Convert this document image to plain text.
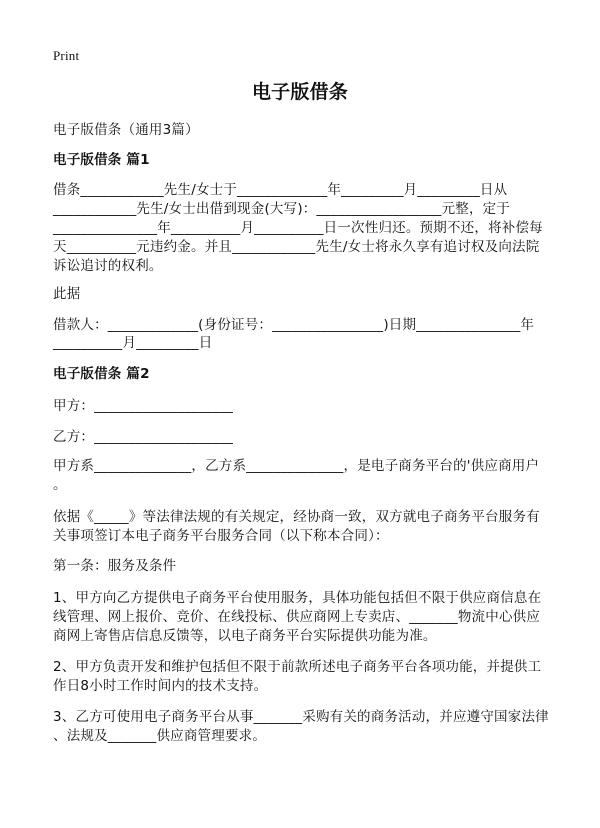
Print
电子版借条
电子版借条（通用3篇）
电子版借条 篇1
借条____________先生/女士于_____________年_________月_________日从
____________先生/女士出借到现金(大写)：__________________元整，定于
_______________年__________月__________日一次性归还。预期不还，将补偿每
天__________元违约金。并且____________先生/女士将永久享有追讨权及向法院
诉讼追讨的权利。
此据
借款人：_____________(身份证号：________________)日期_______________年
__________月_________日
电子版借条 篇2
甲方：____________________
乙方：____________________
甲方系______________，乙方系______________，是电子商务平台的'供应商用户
。
依据《_____》等法律法规的有关规定，经协商一致，双方就电子商务平台服务有
关事项签订本电子商务平台服务合同（以下称本合同）：
第一条：服务及条件
1、甲方向乙方提供电子商务平台使用服务，具体功能包括但不限于供应商信息在
线管理、网上报价、竞价、在线投标、供应商网上专卖店、_______物流中心供应
商网上寄售店信息反馈等，以电子商务平台实际提供功能为准。
2、甲方负责开发和维护包括但不限于前款所述电子商务平台各项功能，并提供工
作日8小时工作时间内的技术支持。
3、乙方可使用电子商务平台从事_______采购有关的商务活动，并应遵守国家法律
、法规及_______供应商管理要求。
